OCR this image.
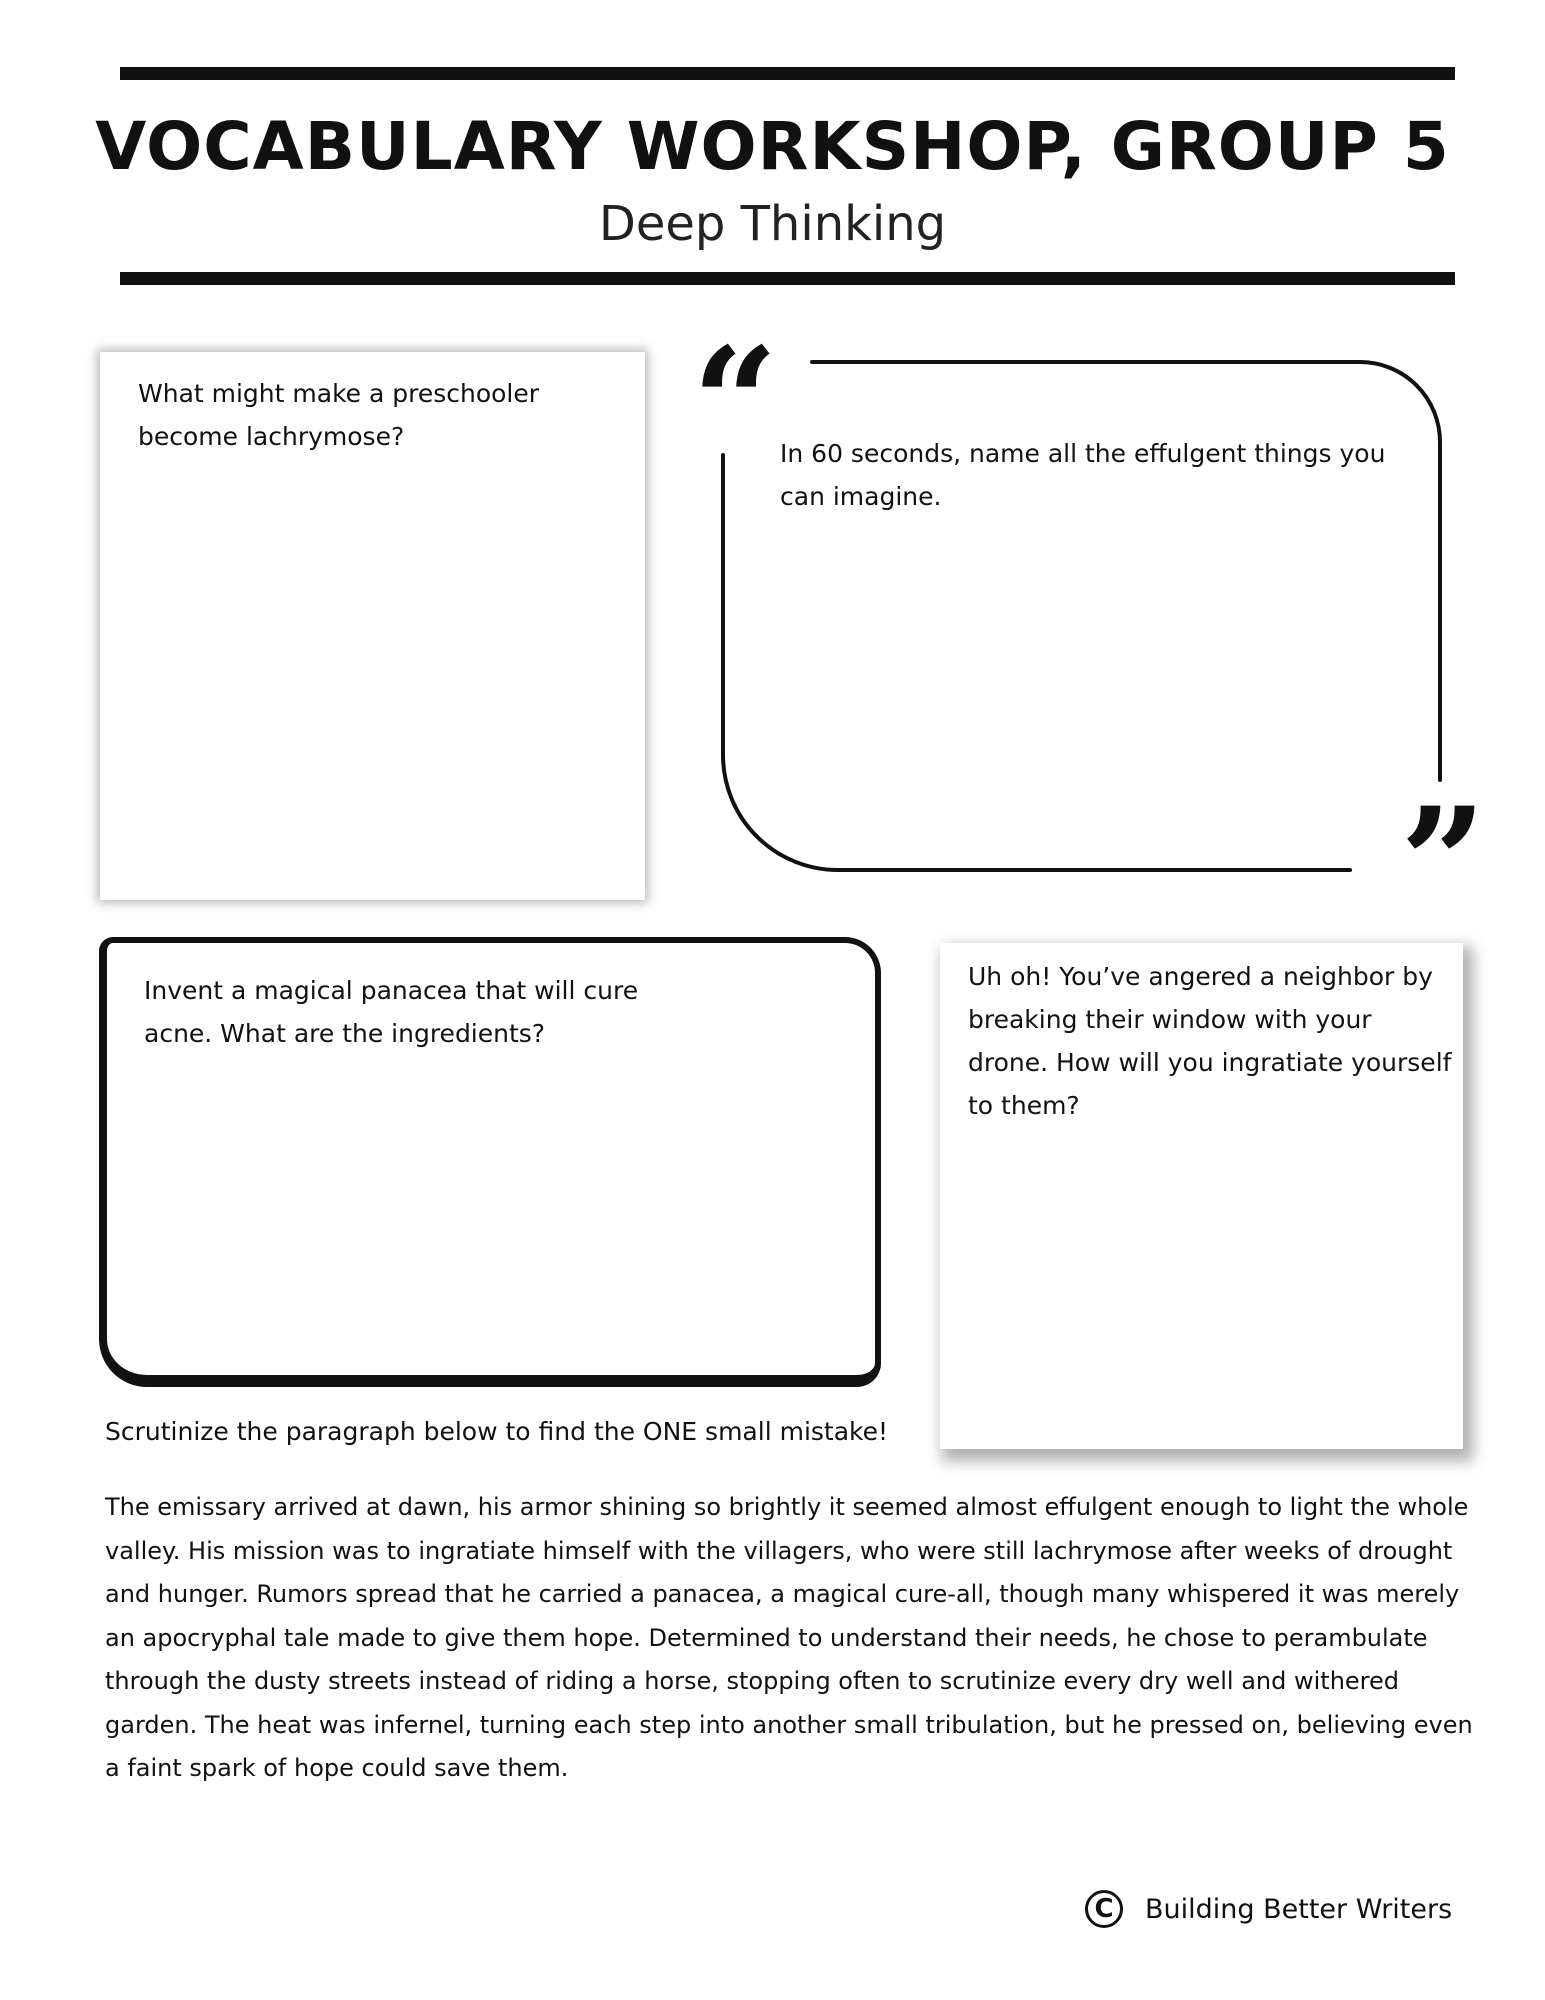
VOCABULARY WORKSHOP, GROUP 5
Deep Thinking
What might make a preschooler become lachrymose?	“
”
In 60 seconds, name all the effulgent things you can imagine.
Invent a magical panacea that will cure acne. What are the ingredients?
Uh oh! You’ve angered a neighbor by breaking their window with your drone. How will you ingratiate yourself to them?
Scrutinize the paragraph below to find the ONE small mistake!
The emissary arrived at dawn, his armor shining so brightly it seemed almost effulgent enough to light the whole valley. His mission was to ingratiate himself with the villagers, who were still lachrymose after weeks of drought and hunger. Rumors spread that he carried a panacea, a magical cure-all, though many whispered it was merely an apocryphal tale made to give them hope. Determined to understand their needs, he chose to perambulate through the dusty streets instead of riding a horse, stopping often to scrutinize every dry well and withered garden. The heat was infernel, turning each step into another small tribulation, but he pressed on, believing even a faint spark of hope could save them.
C	Building Better Writers
